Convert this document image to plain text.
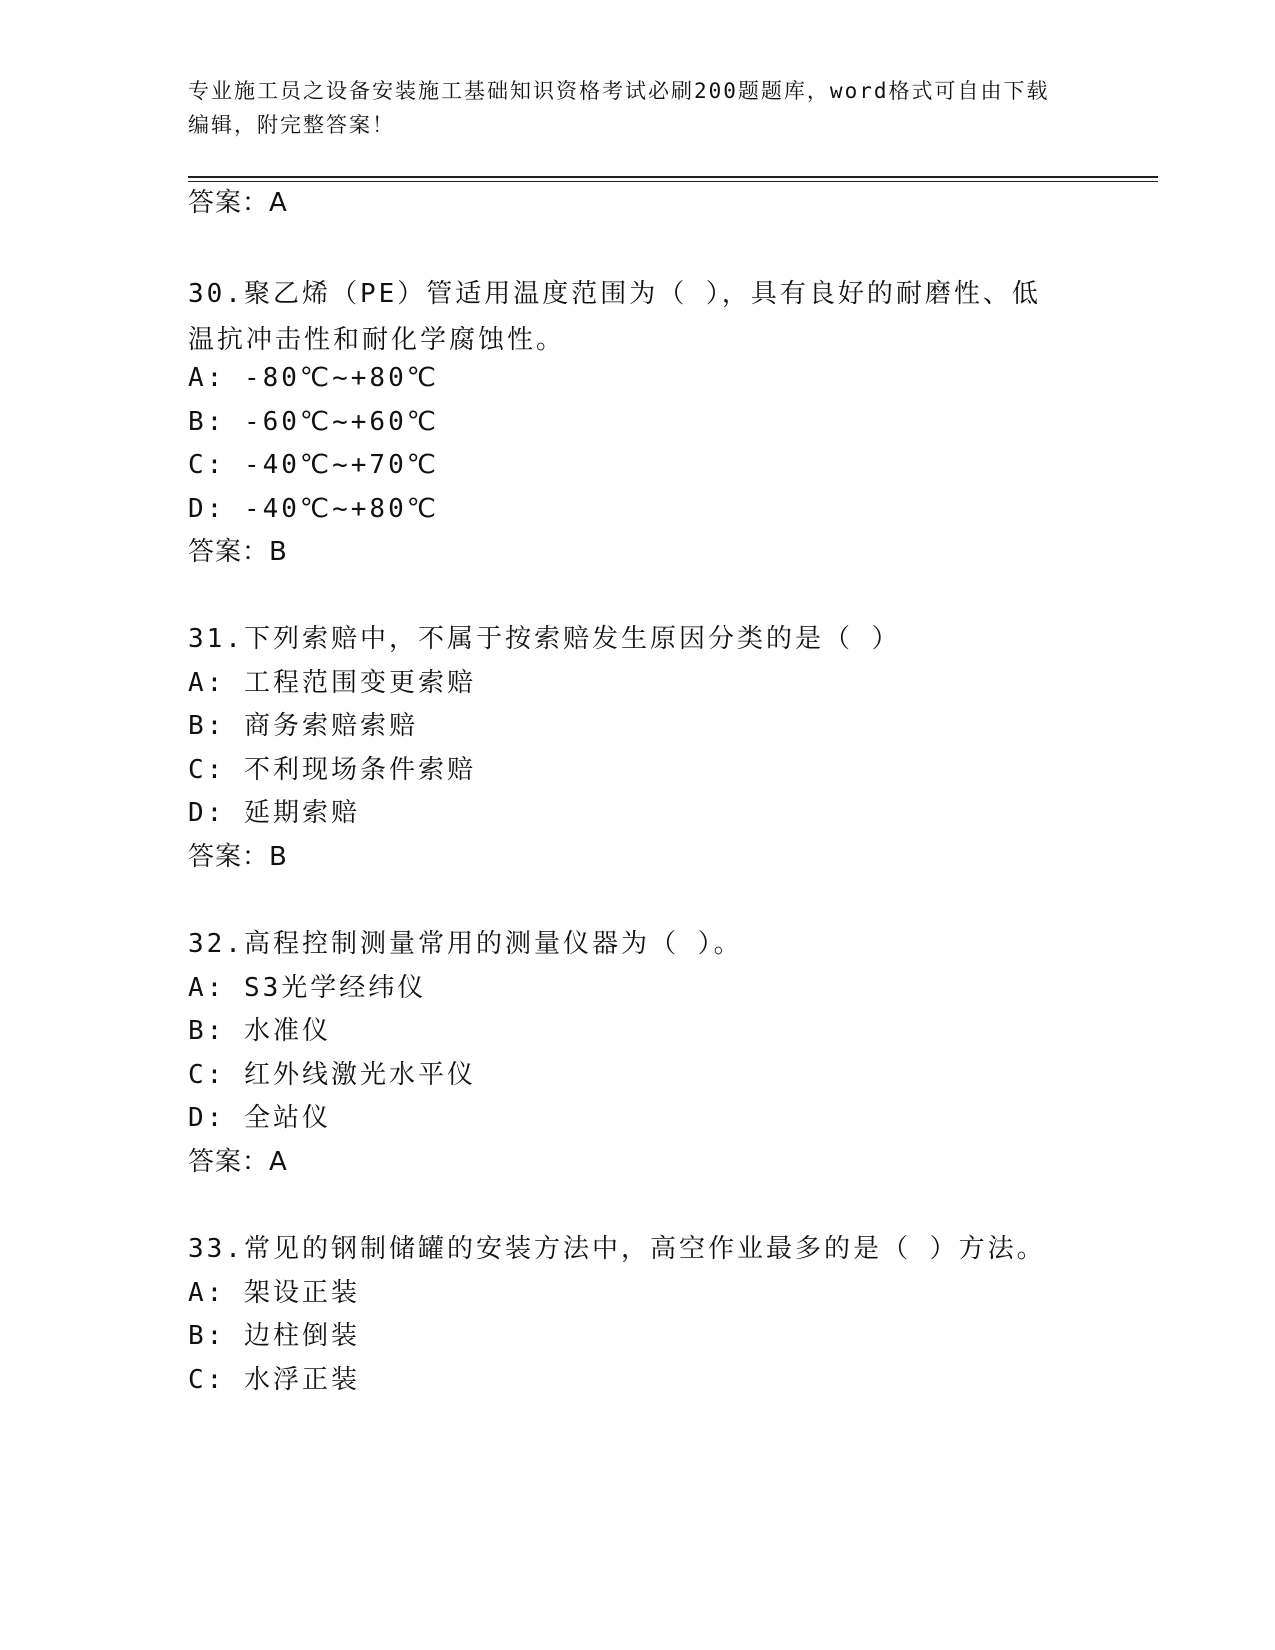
专业施工员之设备安装施工基础知识资格考试必刷200题题库，word格式可自由下载编辑，附完整答案！
答案：A
30.聚乙烯（PE）管适用温度范围为（ ），具有良好的耐磨性、低温抗冲击性和耐化学腐蚀性。
A: -80℃~+80℃
B: -60℃~+60℃
C: -40℃~+70℃
D: -40℃~+80℃
答案：B
31.下列索赔中，不属于按索赔发生原因分类的是（ ）
A: 工程范围变更索赔
B: 商务索赔索赔
C: 不利现场条件索赔
D: 延期索赔
答案：B
32.高程控制测量常用的测量仪器为（ ）。
A: S3光学经纬仪
B: 水准仪
C: 红外线激光水平仪
D: 全站仪
答案：A
33.常见的钢制储罐的安装方法中，高空作业最多的是（ ）方法。
A: 架设正装
B: 边柱倒装
C: 水浮正装
